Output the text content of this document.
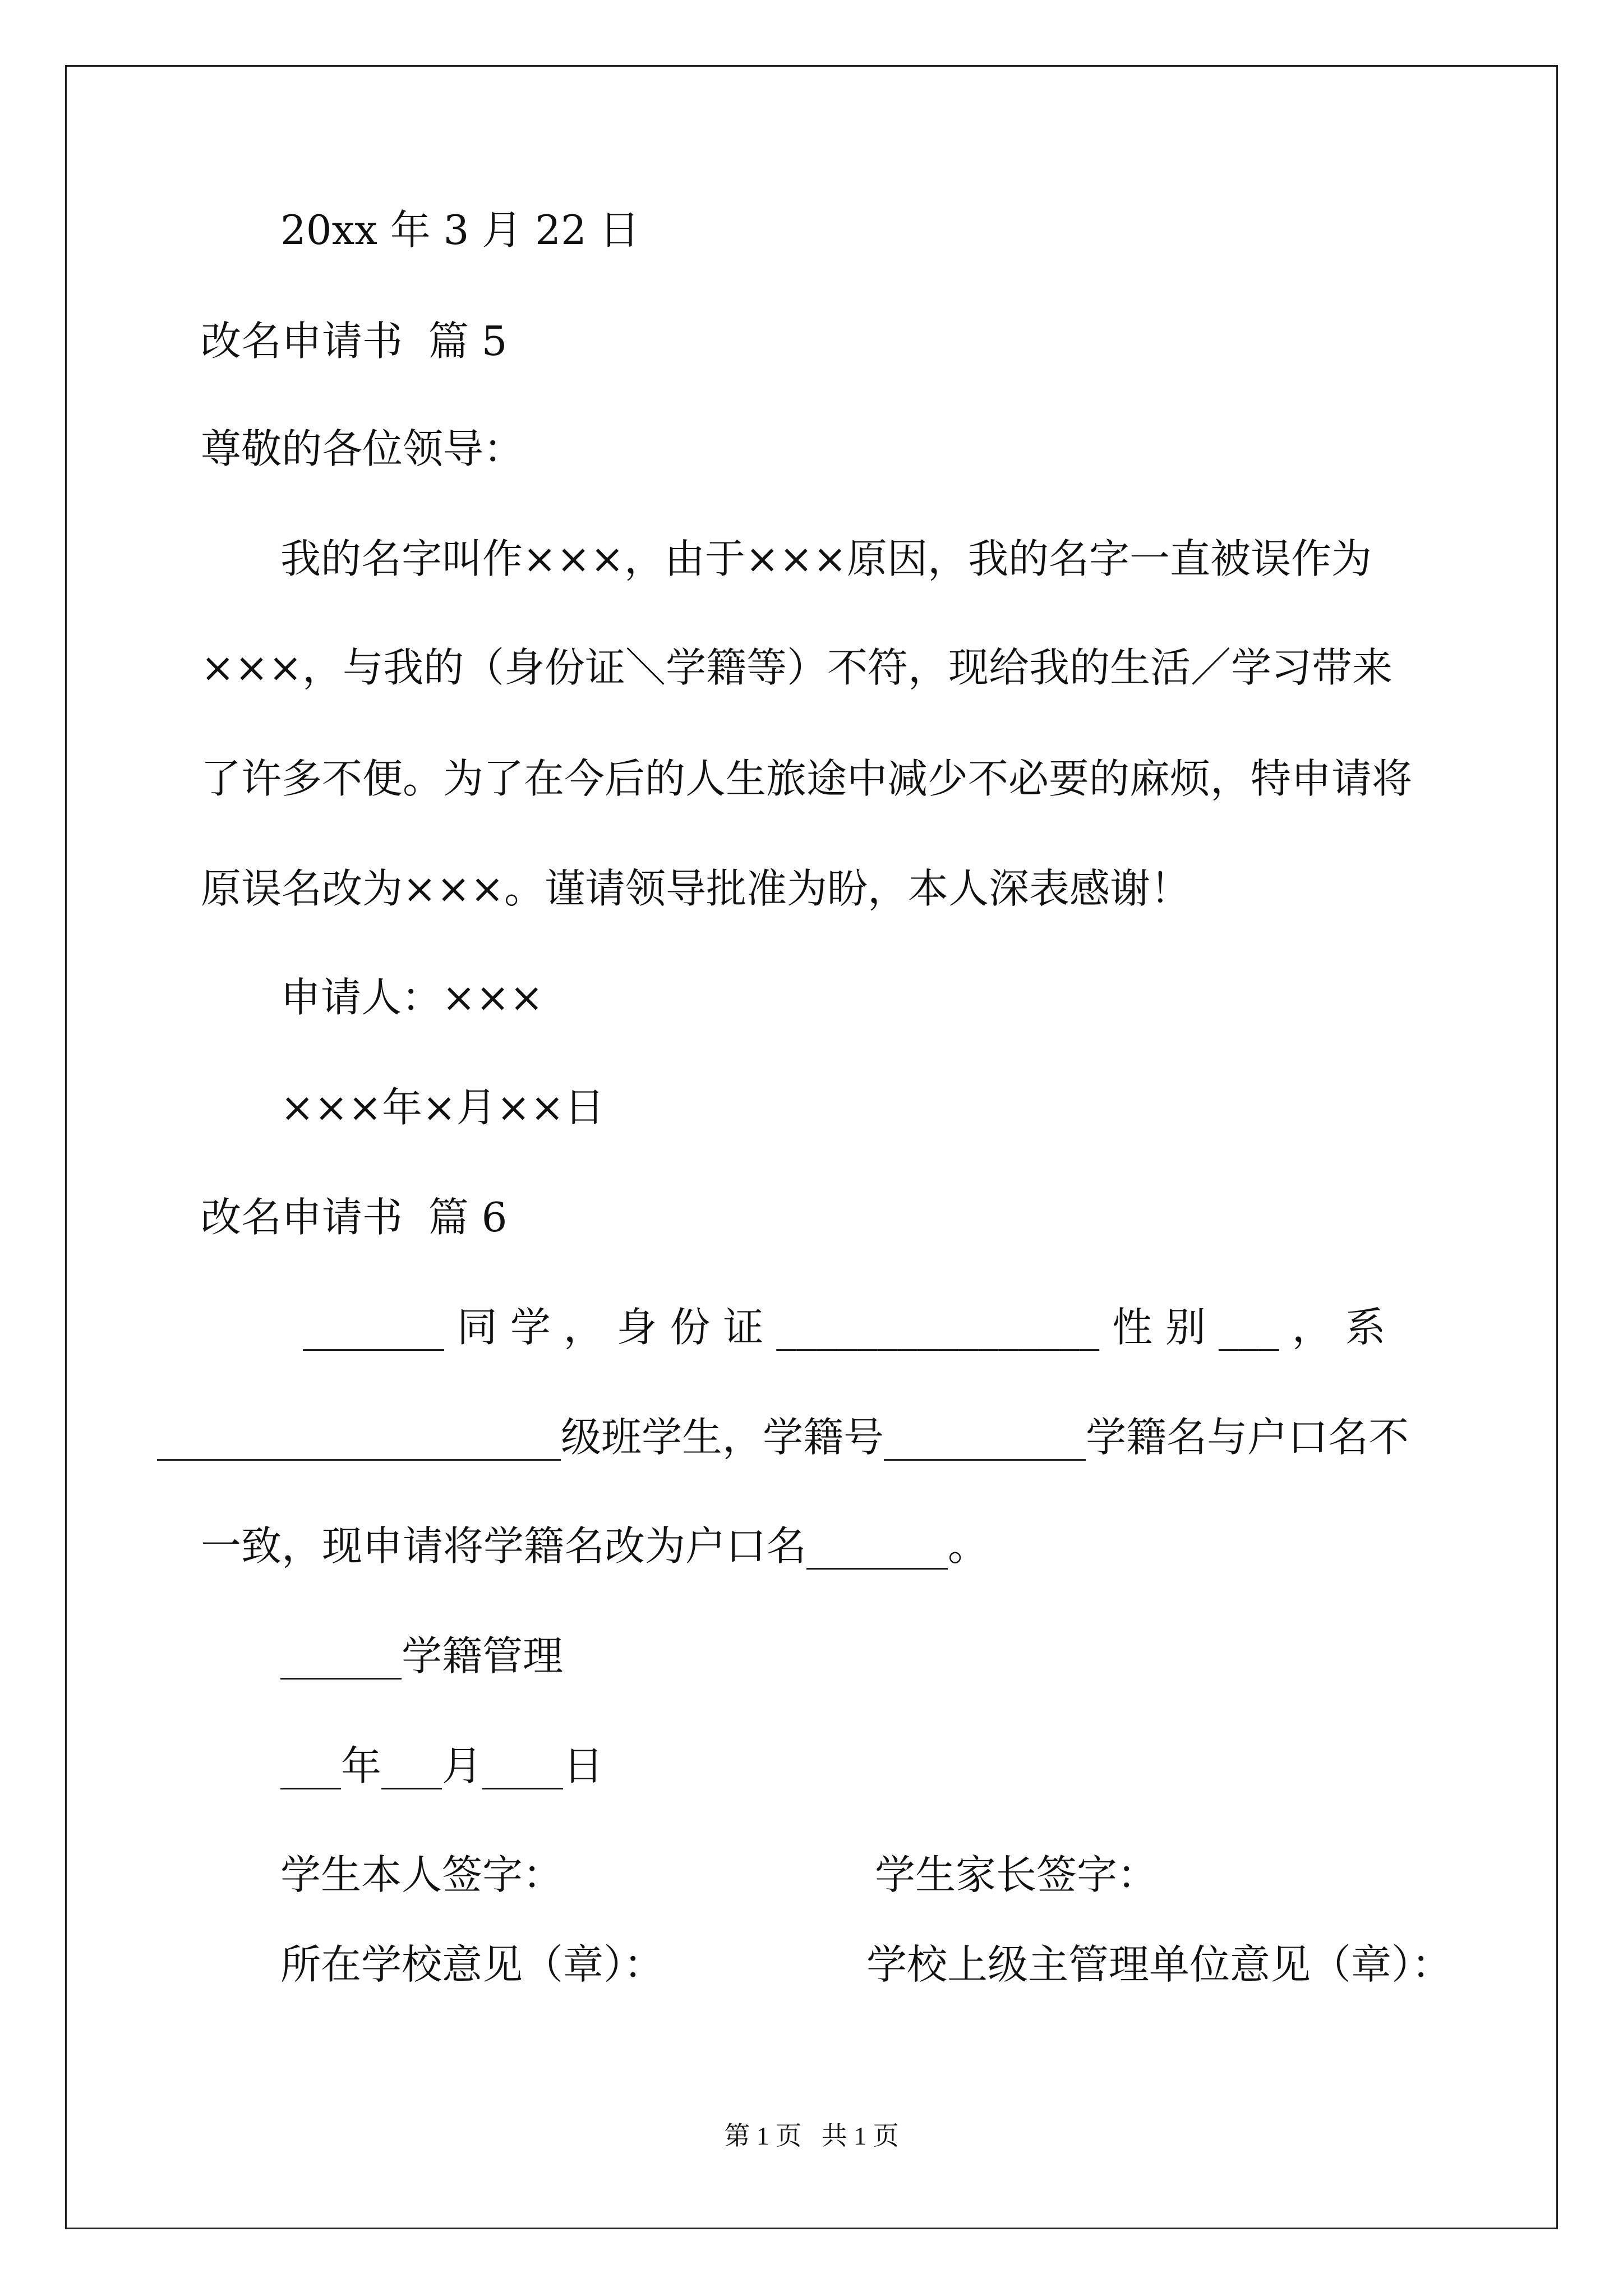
20xx 年 3 月 22 日
改名申请书  篇 5
尊敬的各位领导：
我的名字叫作×××，由于×××原因，我的名字一直被误作为
×××，与我的（身份证＼学籍等）不符，现给我的生活／学习带来
了许多不便。为了在今后的人生旅途中减少不必要的麻烦，特申请将
原误名改为×××。谨请领导批准为盼，本人深表感谢！
申请人：×××
×××年×月××日
改名申请书  篇 6
_______ 同 学 ， 身 份 证 ________________ 性 别 ___ ， 系
____________________级班学生，学籍号__________学籍名与户口名不
一致，现申请将学籍名改为户口名_______。
______学籍管理
___年___月____日
学生本人签字：	学生家长签字：
所在学校意见（章）：	学校上级主管理单位意见（章）：
第 1 页 共 1 页
